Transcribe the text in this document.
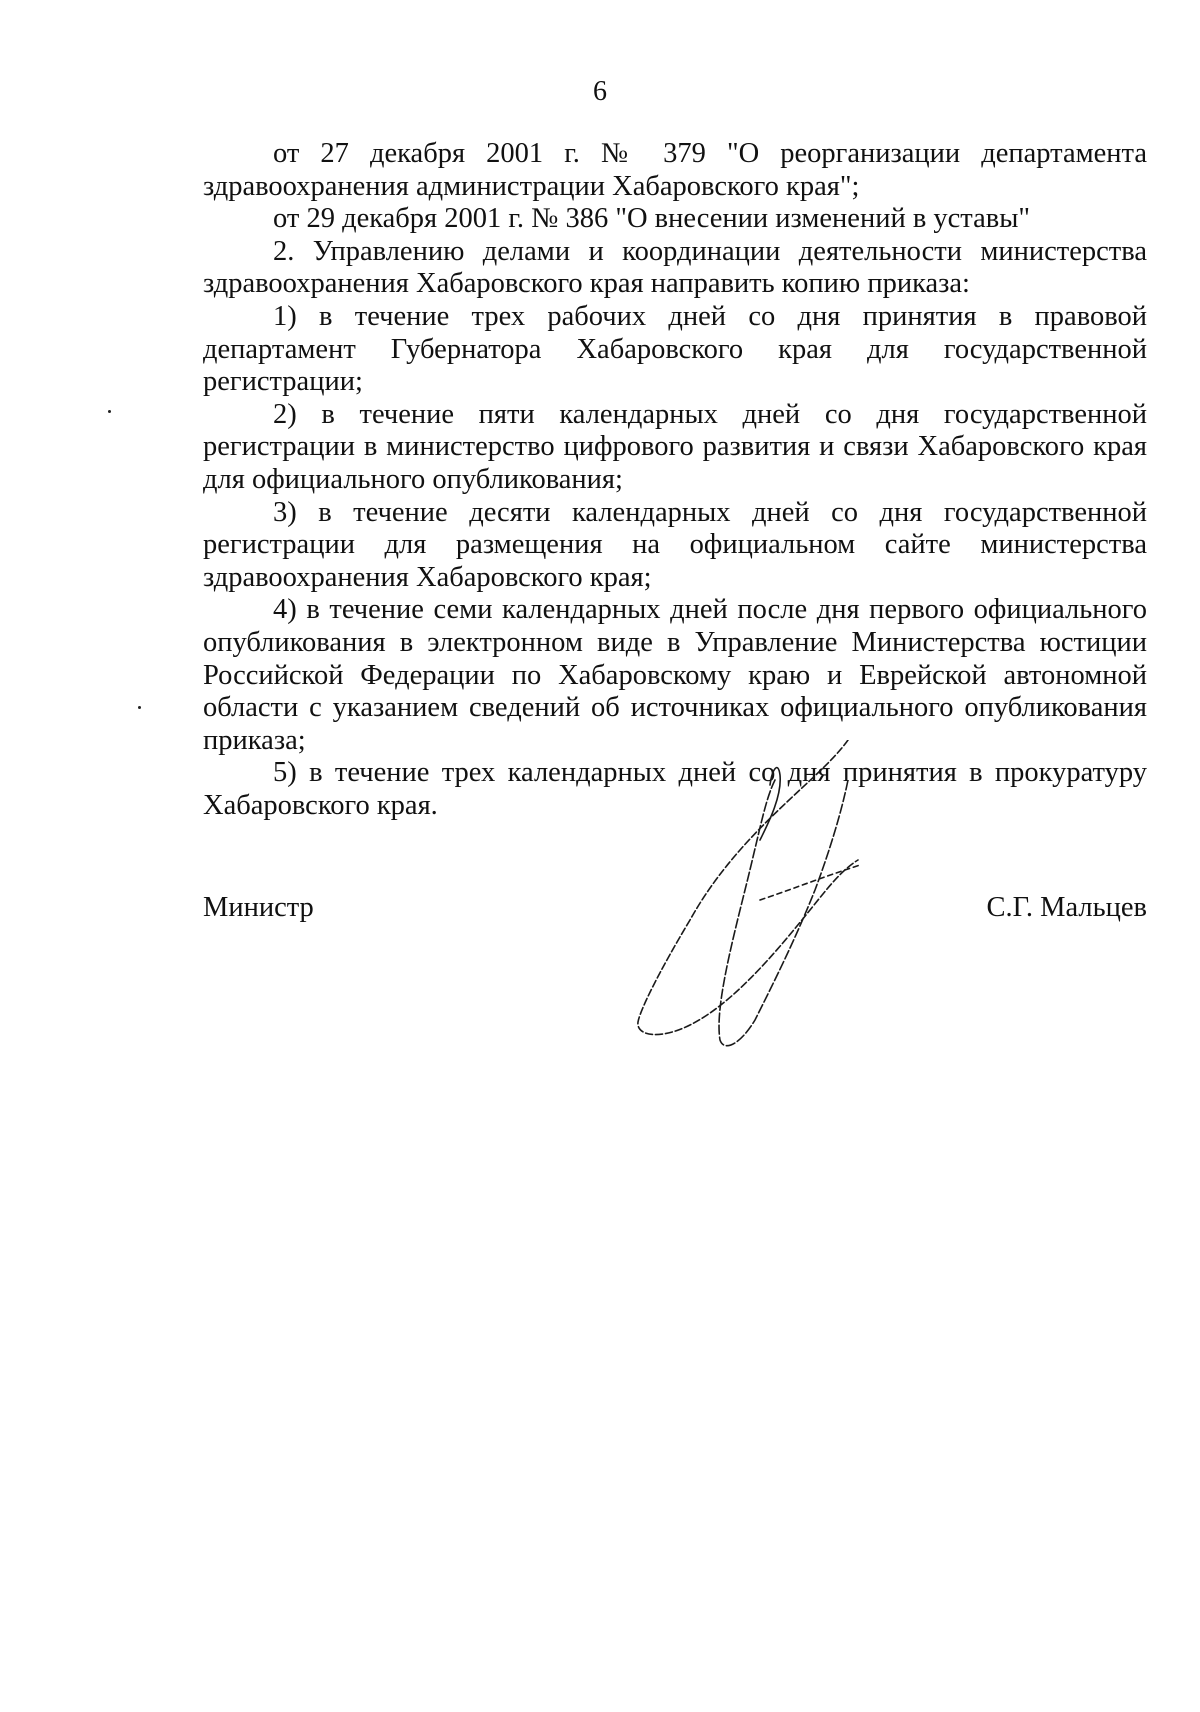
6

от 27 декабря 2001 г. № 379 "О реорганизации департамента здравоохранения администрации Хабаровского края";

от 29 декабря 2001 г. № 386 "О внесении изменений в уставы"

2. Управлению делами и координации деятельности министерства здравоохранения Хабаровского края направить копию приказа:

1) в течение трех рабочих дней со дня принятия в правовой департамент Губернатора Хабаровского края для государственной регистрации;

2) в течение пяти календарных дней со дня государственной регистрации в министерство цифрового развития и связи Хабаровского края для официального опубликования;

3) в течение десяти календарных дней со дня государственной регистрации для размещения на официальном сайте министерства здравоохранения Хабаровского края;

4) в течение семи календарных дней после дня первого официального опубликования в электронном виде в Управление Министерства юстиции Российской Федерации по Хабаровскому краю и Еврейской автономной области с указанием сведений об источниках официального опубликования приказа;

5) в течение трех календарных дней со дня принятия в прокуратуру Хабаровского края.

Министр	С.Г. Мальцев
